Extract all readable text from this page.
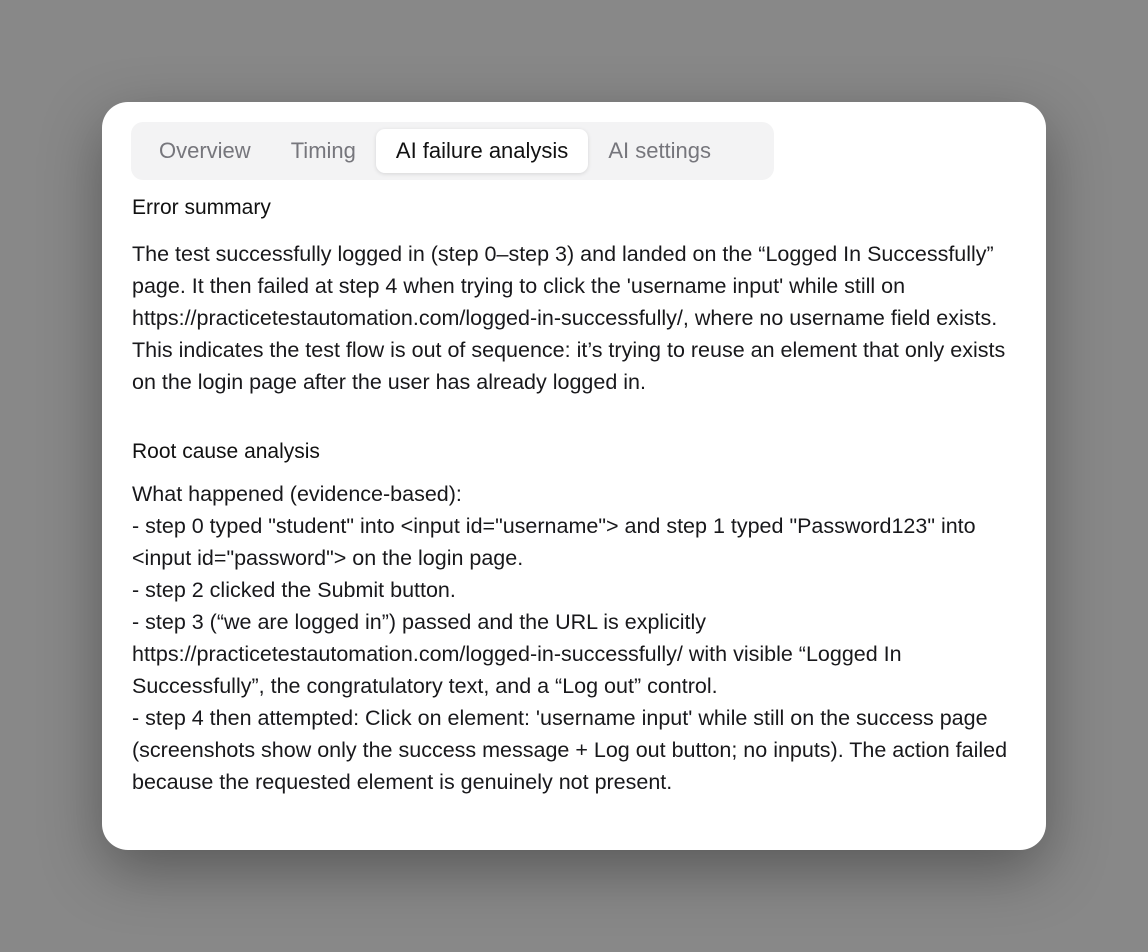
Overview	Timing	AI failure analysis	AI settings
Error summary

The test successfully logged in (step 0–step 3) and landed on the “Logged In Successfully” page. It then failed at step 4 when trying to click the 'username input' while still on https://practicetestautomation.com/logged-in-successfully/, where no username field exists. This indicates the test flow is out of sequence: it’s trying to reuse an element that only exists on the login page after the user has already logged in.

Root cause analysis

What happened (evidence-based):

- step 0 typed "student" into <input id="username"> and step 1 typed "Password123" into <input id="password"> on the login page.

- step 2 clicked the Submit button.

- step 3 (“we are logged in”) passed and the URL is explicitly https://practicetestautomation.com/logged-in-successfully/ with visible “Logged In Successfully”, the congratulatory text, and a “Log out” control.

- step 4 then attempted: Click on element: 'username input' while still on the success page (screenshots show only the success message + Log out button; no inputs). The action failed because the requested element is genuinely not present.
